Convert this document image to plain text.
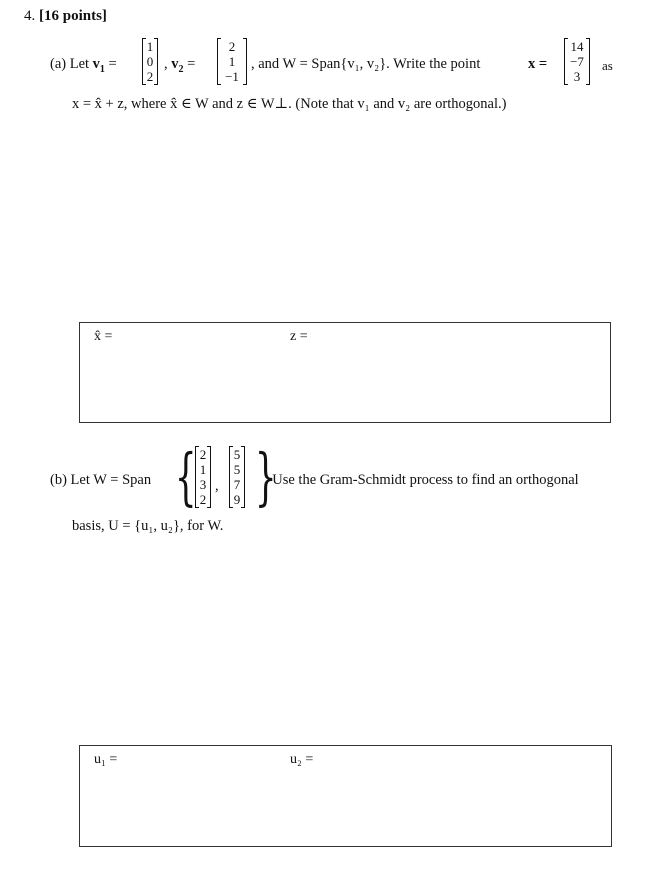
4. [16 points]
(a) Let $v_1$ =
1
0
2
, $v_2$ =
2
1
−1
, and W = Span{v₁, v₂}. Write the point	x =
14
−7
3
as
x = x̂ + z, where x̂ ∈ W and z ∈ W⊥. (Note that v₁ and v₂ are orthogonal.)
x̂ =	z =
(b) Let W = Span { 2
1
3
2
,
5
5
7
9 }
. Use the Gram-Schmidt process to find an orthogonal
basis, U = {u₁, u₂}, for W.
u₁ =	u₂ =
